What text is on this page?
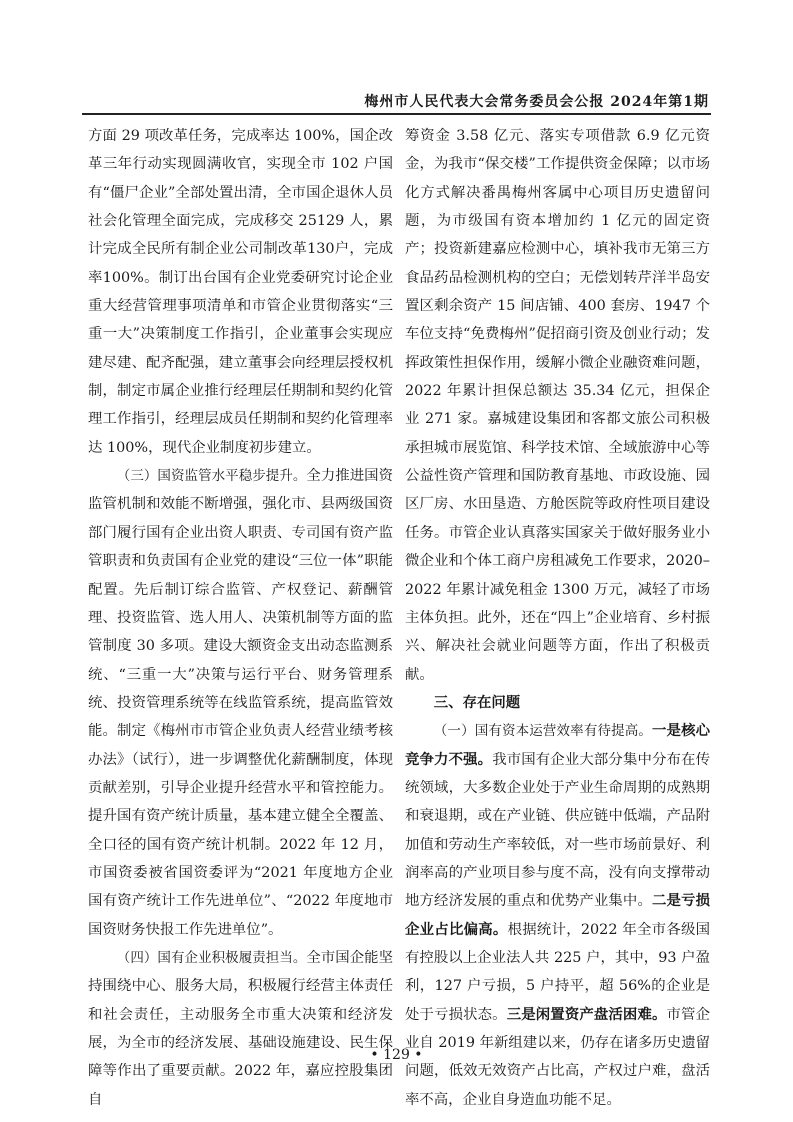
梅州市人民代表大会常务委员会公报 2024年第1期

方面 29 项改革任务，完成率达 100%，国企改革三年行动实现圆满收官，实现全市 102 户国有“僵尸企业”全部处置出清，全市国企退休人员社会化管理全面完成，完成移交 25129 人，累计完成全民所有制企业公司制改革130户，完成率100%。制订出台国有企业党委研究讨论企业重大经营管理事项清单和市管企业贯彻落实“三重一大”决策制度工作指引，企业董事会实现应建尽建、配齐配强，建立董事会向经理层授权机制，制定市属企业推行经理层任期制和契约化管理工作指引，经理层成员任期制和契约化管理率达 100%，现代企业制度初步建立。

（三）国资监管水平稳步提升。全力推进国资监管机制和效能不断增强，强化市、县两级国资部门履行国有企业出资人职责、专司国有资产监管职责和负责国有企业党的建设“三位一体”职能配置。先后制订综合监管、产权登记、薪酬管理、投资监管、选人用人、决策机制等方面的监管制度 30 多项。建设大额资金支出动态监测系统、“三重一大”决策与运行平台、财务管理系统、投资管理系统等在线监管系统，提高监管效能。制定《梅州市市管企业负责人经营业绩考核办法》（试行），进一步调整优化薪酬制度，体现贡献差别，引导企业提升经营水平和管控能力。提升国有资产统计质量，基本建立健全全覆盖、全口径的国有资产统计机制。2022 年 12 月，市国资委被省国资委评为“2021 年度地方企业国有资产统计工作先进单位”、“2022 年度地市国资财务快报工作先进单位”。

（四）国有企业积极履责担当。全市国企能坚持围绕中心、服务大局，积极履行经营主体责任和社会责任，主动服务全市重大决策和经济发展，为全市的经济发展、基础设施建设、民生保障等作出了重要贡献。2022 年，嘉应控股集团自

筹资金 3.58 亿元、落实专项借款 6.9 亿元资金，为我市“保交楼”工作提供资金保障；以市场化方式解决番禺梅州客属中心项目历史遗留问题，为市级国有资本增加约 1 亿元的固定资产；投资新建嘉应检测中心，填补我市无第三方食品药品检测机构的空白；无偿划转芹洋半岛安置区剩余资产 15 间店铺、400 套房、1947 个车位支持“免费梅州”促招商引资及创业行动；发挥政策性担保作用，缓解小微企业融资难问题，2022 年累计担保总额达 35.34 亿元，担保企业 271 家。嘉城建设集团和客都文旅公司积极承担城市展览馆、科学技术馆、全域旅游中心等公益性资产管理和国防教育基地、市政设施、园区厂房、水田垦造、方舱医院等政府性项目建设任务。市管企业认真落实国家关于做好服务业小微企业和个体工商户房租减免工作要求，2020–2022 年累计减免租金 1300 万元，减轻了市场主体负担。此外，还在“四上”企业培育、乡村振兴、解决社会就业问题等方面，作出了积极贡献。

三、存在问题

（一）国有资本运营效率有待提高。一是核心竞争力不强。我市国有企业大部分集中分布在传统领域，大多数企业处于产业生命周期的成熟期和衰退期，或在产业链、供应链中低端，产品附加值和劳动生产率较低，对一些市场前景好、利润率高的产业项目参与度不高，没有向支撑带动地方经济发展的重点和优势产业集中。二是亏损企业占比偏高。根据统计，2022 年全市各级国有控股以上企业法人共 225 户，其中，93 户盈利，127 户亏损，5 户持平，超 56%的企业是处于亏损状态。三是闲置资产盘活困难。市管企业自 2019 年新组建以来，仍存在诸多历史遗留问题，低效无效资产占比高，产权过户难，盘活率不高，企业自身造血功能不足。

• 129 •
